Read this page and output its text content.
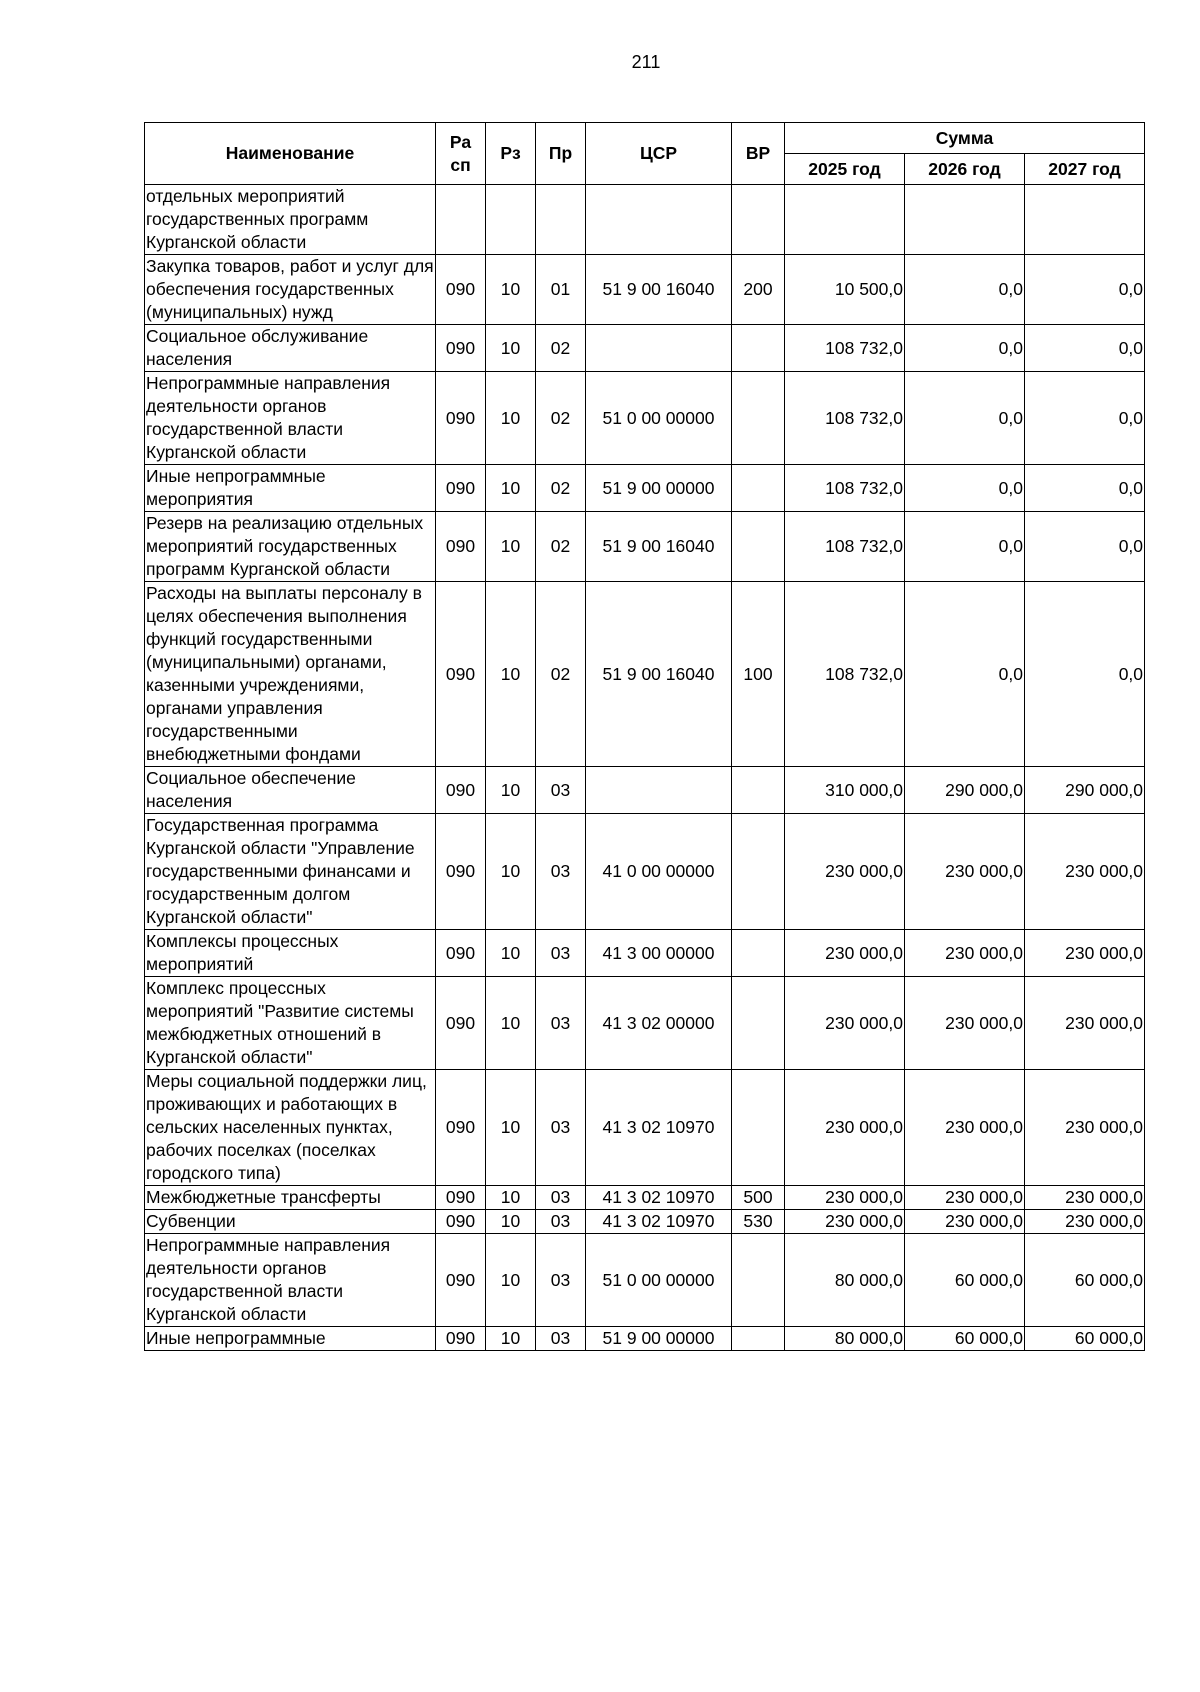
211
Наименование	Ра сп	Рз	Пр	ЦСР	ВР	Сумма		
						2025 год	2026 год	2027 год
отдельных мероприятий государственных программ Курганской области								
Закупка товаров, работ и услуг для обеспечения государственных (муниципальных) нужд	090	10	01	51 9 00 16040	200	10 500,0	0,0	0,0
Социальное обслуживание населения	090	10	02			108 732,0	0,0	0,0
Непрограммные направления деятельности органов государственной власти Курганской области	090	10	02	51 0 00 00000		108 732,0	0,0	0,0
Иные непрограммные мероприятия	090	10	02	51 9 00 00000		108 732,0	0,0	0,0
Резерв на реализацию отдельных мероприятий государственных программ Курганской области	090	10	02	51 9 00 16040		108 732,0	0,0	0,0
Расходы на выплаты персоналу в целях обеспечения выполнения функций государственными (муниципальными) органами, казенными учреждениями, органами управления государственными внебюджетными фондами	090	10	02	51 9 00 16040	100	108 732,0	0,0	0,0
Социальное обеспечение населения	090	10	03			310 000,0	290 000,0	290 000,0
Государственная программа Курганской области "Управление государственными финансами и государственным долгом Курганской области"	090	10	03	41 0 00 00000		230 000,0	230 000,0	230 000,0
Комплексы процессных мероприятий	090	10	03	41 3 00 00000		230 000,0	230 000,0	230 000,0
Комплекс процессных мероприятий "Развитие системы межбюджетных отношений в Курганской области"	090	10	03	41 3 02 00000		230 000,0	230 000,0	230 000,0
Меры социальной поддержки лиц, проживающих и работающих в сельских населенных пунктах, рабочих поселках (поселках городского типа)	090	10	03	41 3 02 10970		230 000,0	230 000,0	230 000,0
Межбюджетные трансферты	090	10	03	41 3 02 10970	500	230 000,0	230 000,0	230 000,0
Субвенции	090	10	03	41 3 02 10970	530	230 000,0	230 000,0	230 000,0
Непрограммные направления деятельности органов государственной власти Курганской области	090	10	03	51 0 00 00000		80 000,0	60 000,0	60 000,0
Иные непрограммные	090	10	03	51 9 00 00000		80 000,0	60 000,0	60 000,0
